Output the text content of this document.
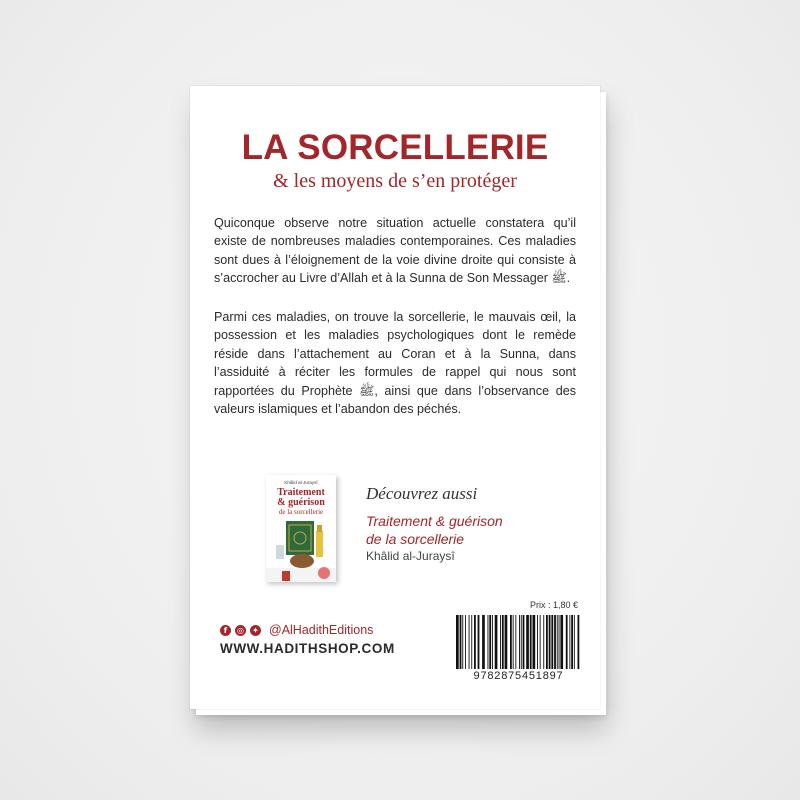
LA SORCELLERIE
& les moyens de s’en protéger
Quiconque observe notre situation actuelle constatera qu’il existe de nombreuses maladies contemporaines. Ces maladies sont dues à l’éloignement de la voie divine droite qui consiste à s’accrocher au Livre d’Allah et à la Sunna de Son Messager ﷺ.
Parmi ces maladies, on trouve la sorcellerie, le mauvais œil, la possession et les maladies psychologiques dont le remède réside dans l’attachement au Coran et à la Sunna, dans l’assiduité à réciter les formules de rappel qui nous sont rapportées du Prophète ﷺ, ainsi que dans l’observance des valeurs islamiques et l’abandon des péchés.
Khâlid al-Juraysî
Traitement
& guérison
de la sorcellerie
Découvrez aussi
Traitement & guérison
de la sorcellerie
Khâlid al-Juraysî
f	◎ ✦ @AlHadithEditions
WWW.HADITHSHOP.COM
Prix : 1,80 €
9782875451897
